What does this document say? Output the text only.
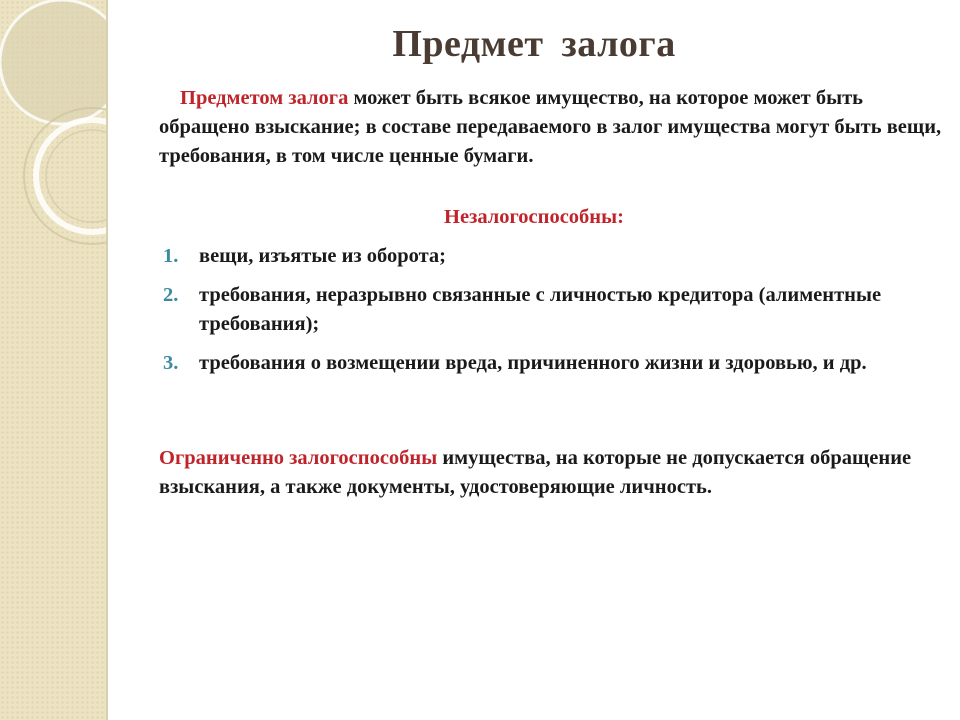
Предмет залога

Предметом залога может быть всякое имущество, на которое может быть обращено взыскание; в составе передаваемого в залог имущества могут быть вещи, требования, в том числе ценные бумаги.

Незалогоспособны:

1. вещи, изъятые из оборота;
2. требования, неразрывно связанные с личностью кредитора (алиментные требования);
3. требования о возмещении вреда, причиненного жизни и здоровью, и др.

Ограниченно залогоспособны имущества, на которые не допускается обращение взыскания, а также документы, удостоверяющие личность.
